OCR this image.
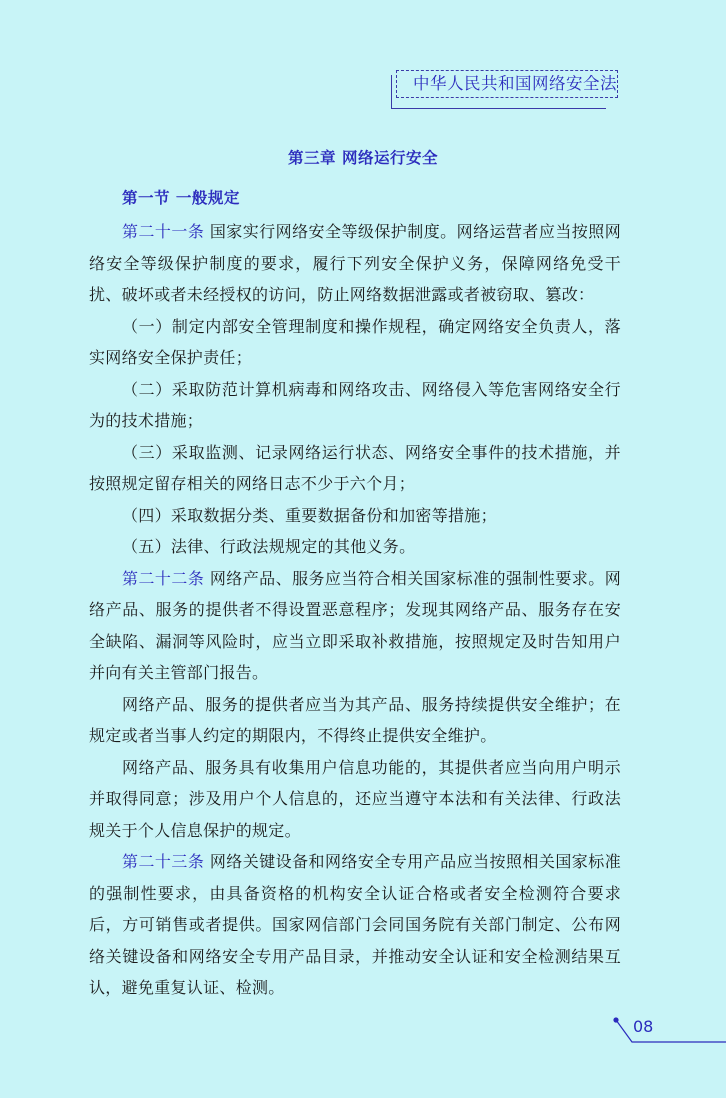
中华人民共和国网络安全法
第三章 网络运行安全
第一节 一般规定

第二十一条 国家实行网络安全等级保护制度。网络运营者应当按照网络安全等级保护制度的要求，履行下列安全保护义务，保障网络免受干扰、破坏或者未经授权的访问，防止网络数据泄露或者被窃取、篡改：

（一）制定内部安全管理制度和操作规程，确定网络安全负责人，落实网络安全保护责任；

（二）采取防范计算机病毒和网络攻击、网络侵入等危害网络安全行为的技术措施；

（三）采取监测、记录网络运行状态、网络安全事件的技术措施，并按照规定留存相关的网络日志不少于六个月；

（四）采取数据分类、重要数据备份和加密等措施；

（五）法律、行政法规规定的其他义务。

第二十二条 网络产品、服务应当符合相关国家标准的强制性要求。网络产品、服务的提供者不得设置恶意程序；发现其网络产品、服务存在安全缺陷、漏洞等风险时，应当立即采取补救措施，按照规定及时告知用户并向有关主管部门报告。

网络产品、服务的提供者应当为其产品、服务持续提供安全维护；在规定或者当事人约定的期限内，不得终止提供安全维护。

网络产品、服务具有收集用户信息功能的，其提供者应当向用户明示并取得同意；涉及用户个人信息的，还应当遵守本法和有关法律、行政法规关于个人信息保护的规定。

第二十三条 网络关键设备和网络安全专用产品应当按照相关国家标准的强制性要求，由具备资格的机构安全认证合格或者安全检测符合要求后，方可销售或者提供。国家网信部门会同国务院有关部门制定、公布网络关键设备和网络安全专用产品目录，并推动安全认证和安全检测结果互认，避免重复认证、检测。

08
